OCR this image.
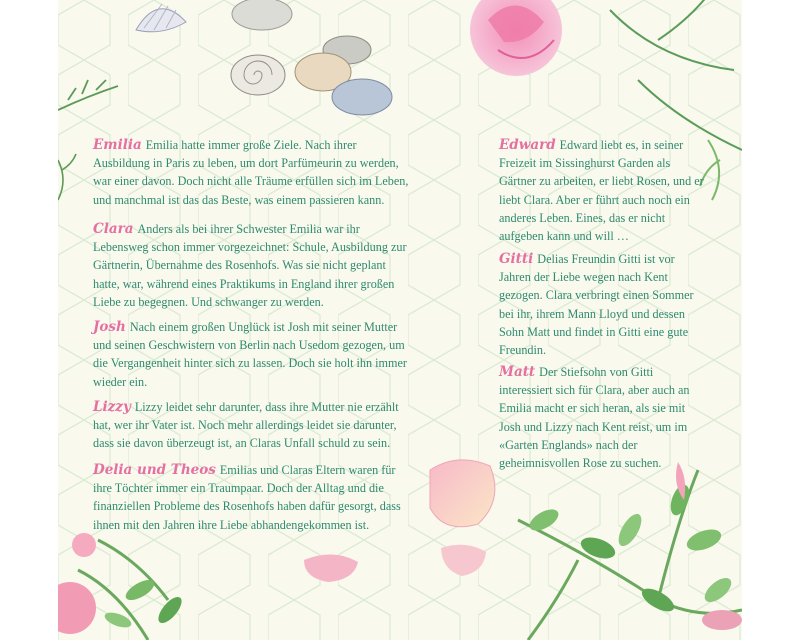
Emilia Emilia hatte immer große Ziele. Nach ihrer Ausbildung in Paris zu leben, um dort Parfümeurin zu werden, war einer davon. Doch nicht alle Träume erfüllen sich im Leben, und manchmal ist das das Beste, was einem passieren kann.

Clara Anders als bei ihrer Schwester Emilia war ihr Lebensweg schon immer vorgezeichnet: Schule, Ausbildung zur Gärtnerin, Übernahme des Rosenhofs. Was sie nicht geplant hatte, war, während eines Praktikums in England ihrer großen Liebe zu begegnen. Und schwanger zu werden.

Josh Nach einem großen Unglück ist Josh mit seiner Mutter und seinen Geschwistern von Berlin nach Usedom gezogen, um die Vergangenheit hinter sich zu lassen. Doch sie holt ihn immer wieder ein.

Lizzy Lizzy leidet sehr darunter, dass ihre Mutter nie erzählt hat, wer ihr Vater ist. Noch mehr allerdings leidet sie darunter, dass sie davon überzeugt ist, an Claras Unfall schuld zu sein.

Delia und Theos Emilias und Claras Eltern waren für ihre Töchter immer ein Traumpaar. Doch der Alltag und die finanziellen Probleme des Rosenhofs haben dafür gesorgt, dass ihnen mit den Jahren ihre Liebe abhandengekommen ist.

Edward Edward liebt es, in seiner Freizeit im Sissinghurst Garden als Gärtner zu arbeiten, er liebt Rosen, und er liebt Clara. Aber er führt auch noch ein anderes Leben. Eines, das er nicht aufgeben kann und will …

Gitti Delias Freundin Gitti ist vor Jahren der Liebe wegen nach Kent gezogen. Clara verbringt einen Sommer bei ihr, ihrem Mann Lloyd und dessen Sohn Matt und findet in Gitti eine gute Freundin.

Matt Der Stiefsohn von Gitti interessiert sich für Clara, aber auch an Emilia macht er sich heran, als sie mit Josh und Lizzy nach Kent reist, um im «Garten Englands» nach der geheimnisvollen Rose zu suchen.
